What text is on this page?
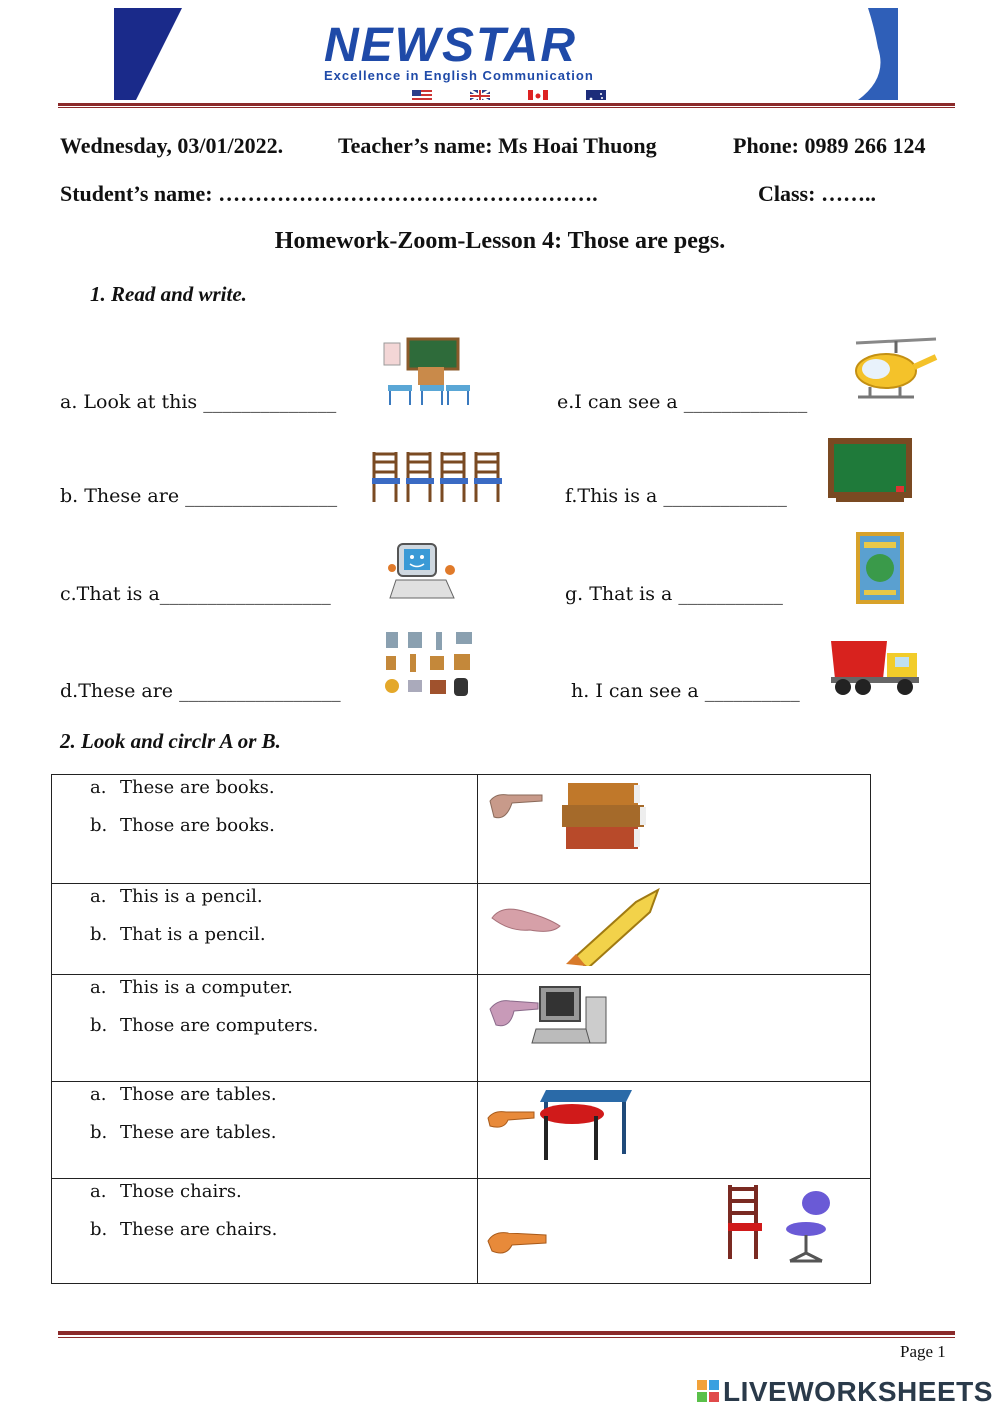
NEWSTAR
Excellence in English Communication
Wednesday, 03/01/2022. Teacher’s name: Ms Hoai Thuong	Phone: 0989 266 124
Student’s name: …………………………………………….	Class: ……..
Homework-Zoom-Lesson 4: Those are pegs.
1. Read and write.
a. Look at this ______________
b. These are ________________
c.That is a__________________
d.These are _________________
e.I can see a _____________
f.This is a _____________
g. That is a ___________
h. I can see a __________
2. Look and circlr A or B.
a. These are books.
b. Those are books.
a. This is a pencil.
b. That is a pencil.
a. This is a computer.
b. Those are computers.
a. Those are tables.
b. These are tables.
a. Those chairs.
b. These are chairs.
Page 1
LIVEWORKSHEETS
